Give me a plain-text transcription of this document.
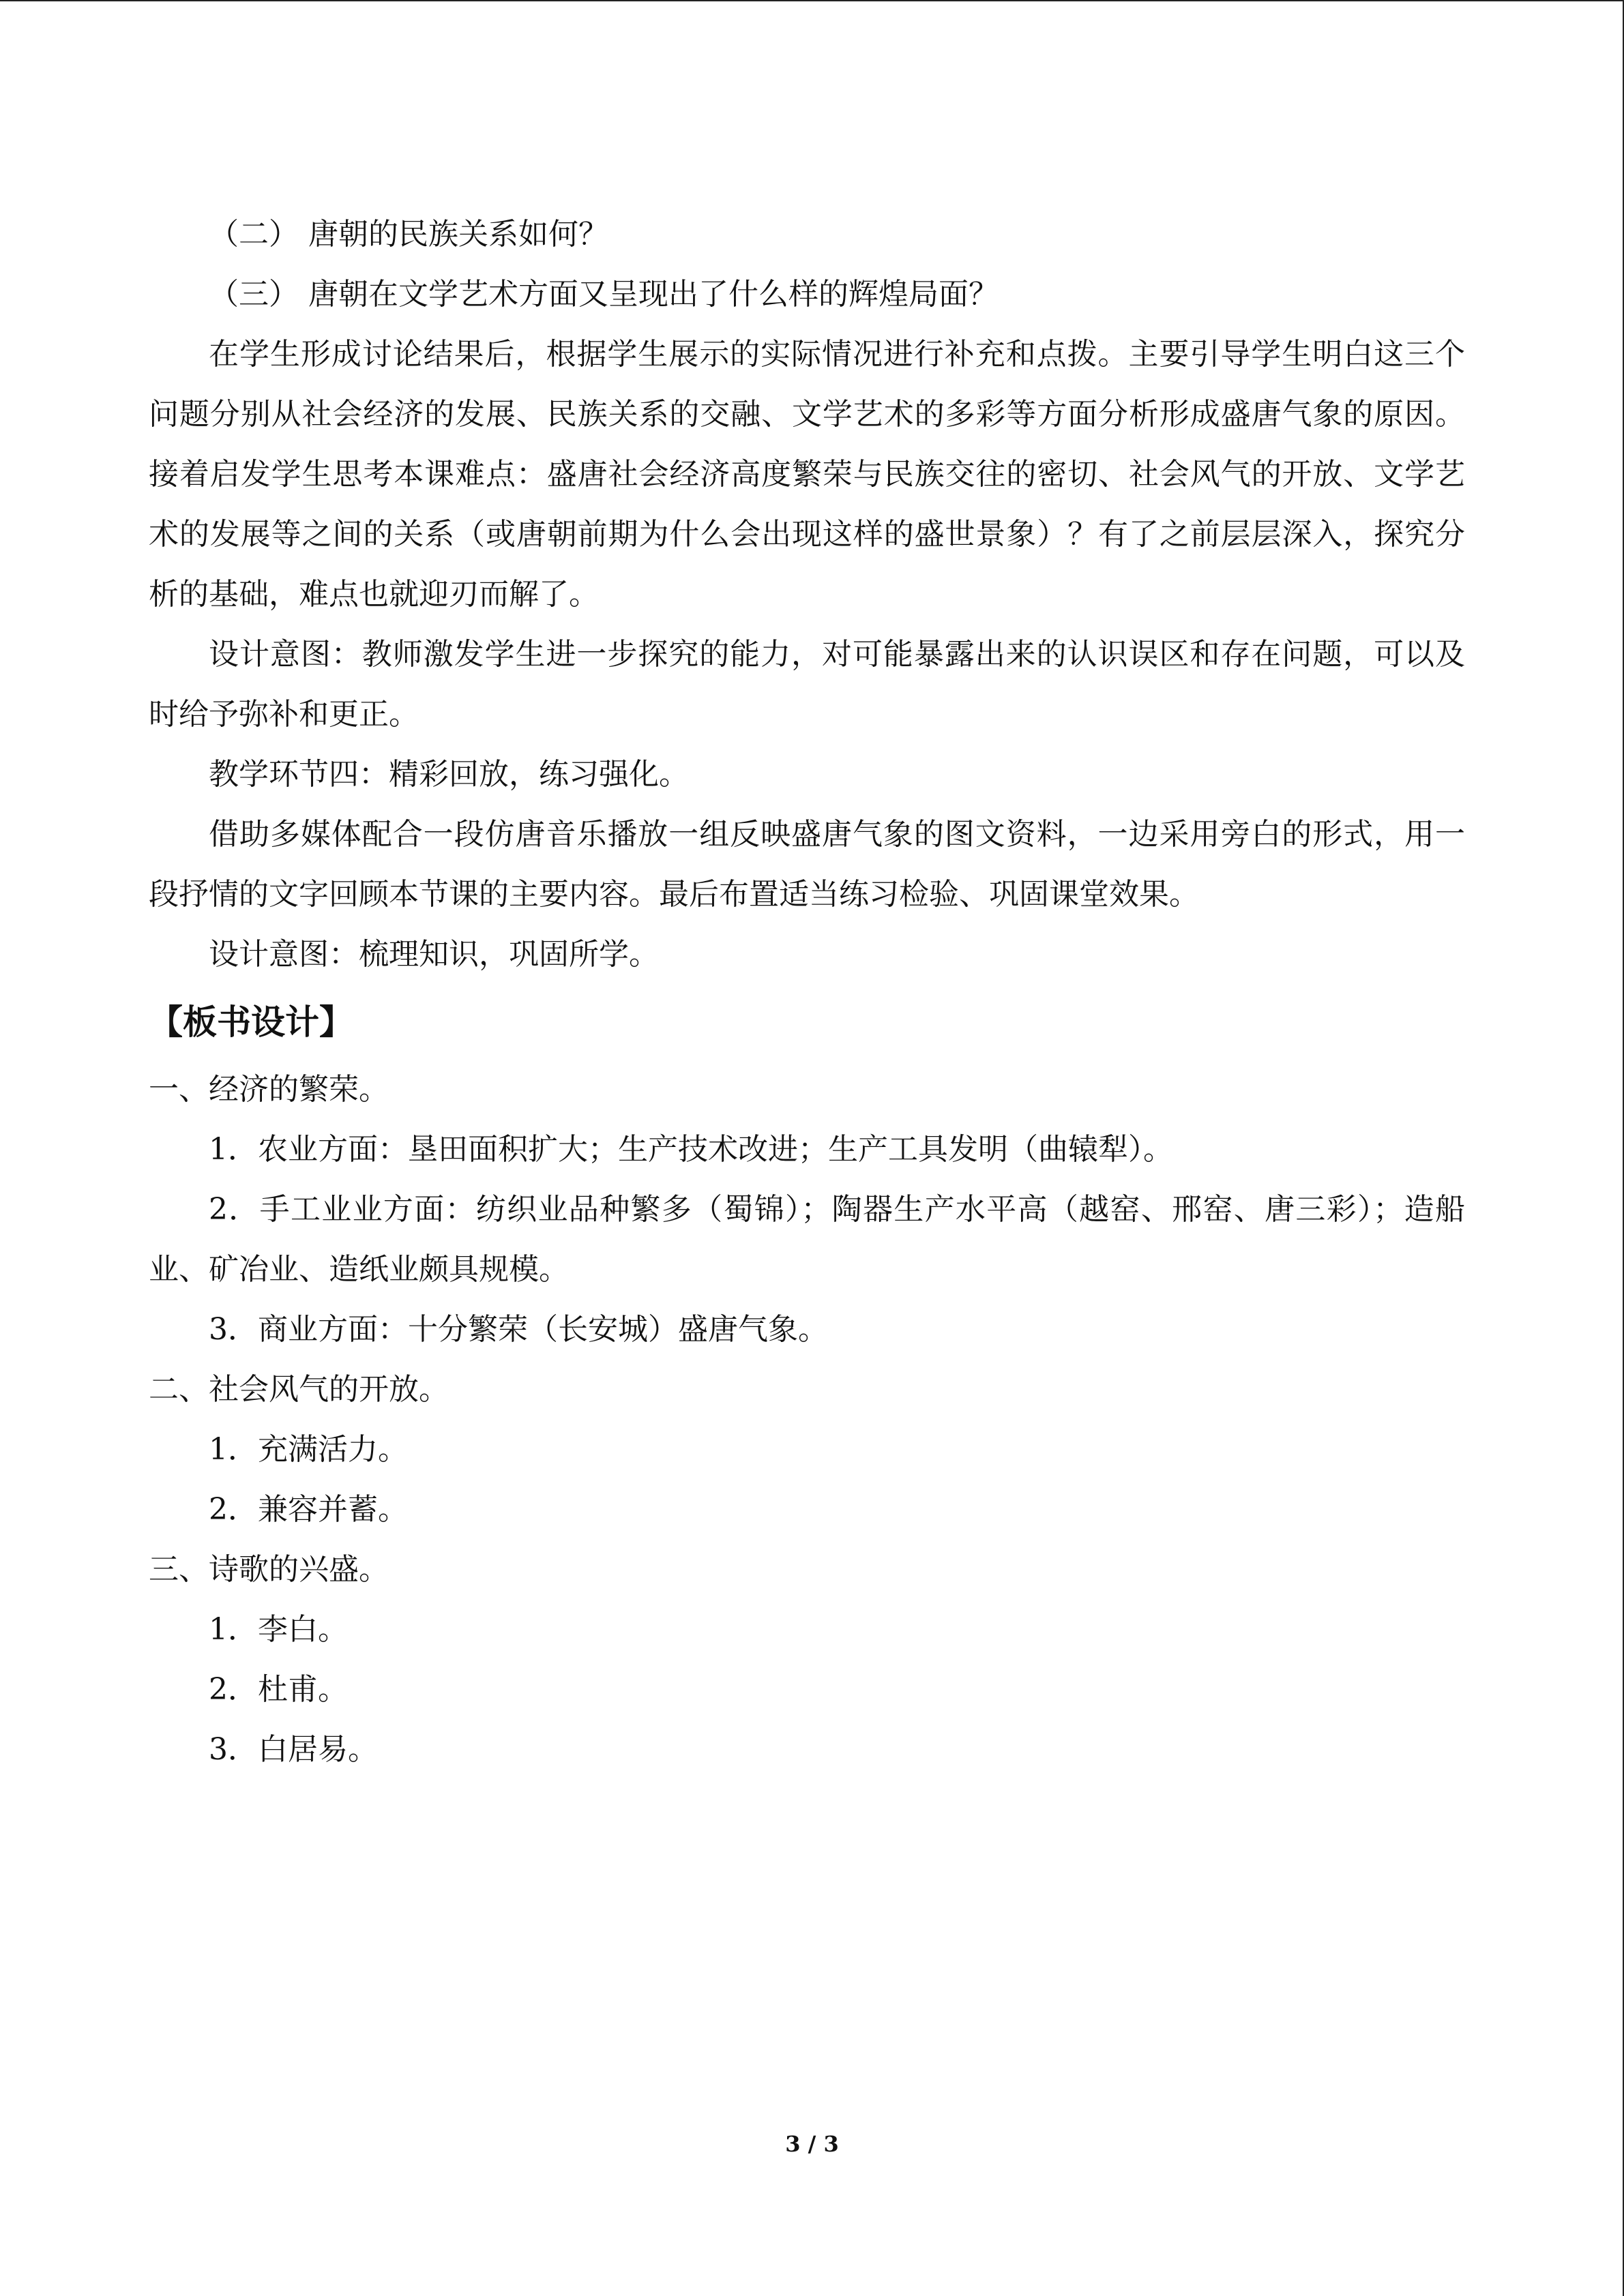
（二） 唐朝的民族关系如何？

（三） 唐朝在文学艺术方面又呈现出了什么样的辉煌局面？

在学生形成讨论结果后，根据学生展示的实际情况进行补充和点拨。主要引导学生明白这三个问题分别从社会经济的发展、民族关系的交融、文学艺术的多彩等方面分析形成盛唐气象的原因。接着启发学生思考本课难点：盛唐社会经济高度繁荣与民族交往的密切、社会风气的开放、文学艺术的发展等之间的关系（或唐朝前期为什么会出现这样的盛世景象）？有了之前层层深入，探究分析的基础，难点也就迎刃而解了。

设计意图：教师激发学生进一步探究的能力，对可能暴露出来的认识误区和存在问题，可以及时给予弥补和更正。

教学环节四：精彩回放，练习强化。

借助多媒体配合一段仿唐音乐播放一组反映盛唐气象的图文资料，一边采用旁白的形式，用一段抒情的文字回顾本节课的主要内容。最后布置适当练习检验、巩固课堂效果。

设计意图：梳理知识，巩固所学。

【板书设计】

一、经济的繁荣。

1．农业方面：垦田面积扩大；生产技术改进；生产工具发明（曲辕犁）。

2．手工业业方面：纺织业品种繁多（蜀锦）；陶器生产水平高（越窑、邢窑、唐三彩）；造船业、矿冶业、造纸业颇具规模。

3．商业方面：十分繁荣（长安城）盛唐气象。

二、社会风气的开放。

1．充满活力。

2．兼容并蓄。

三、诗歌的兴盛。

1．李白。

2．杜甫。

3．白居易。

3 / 3
